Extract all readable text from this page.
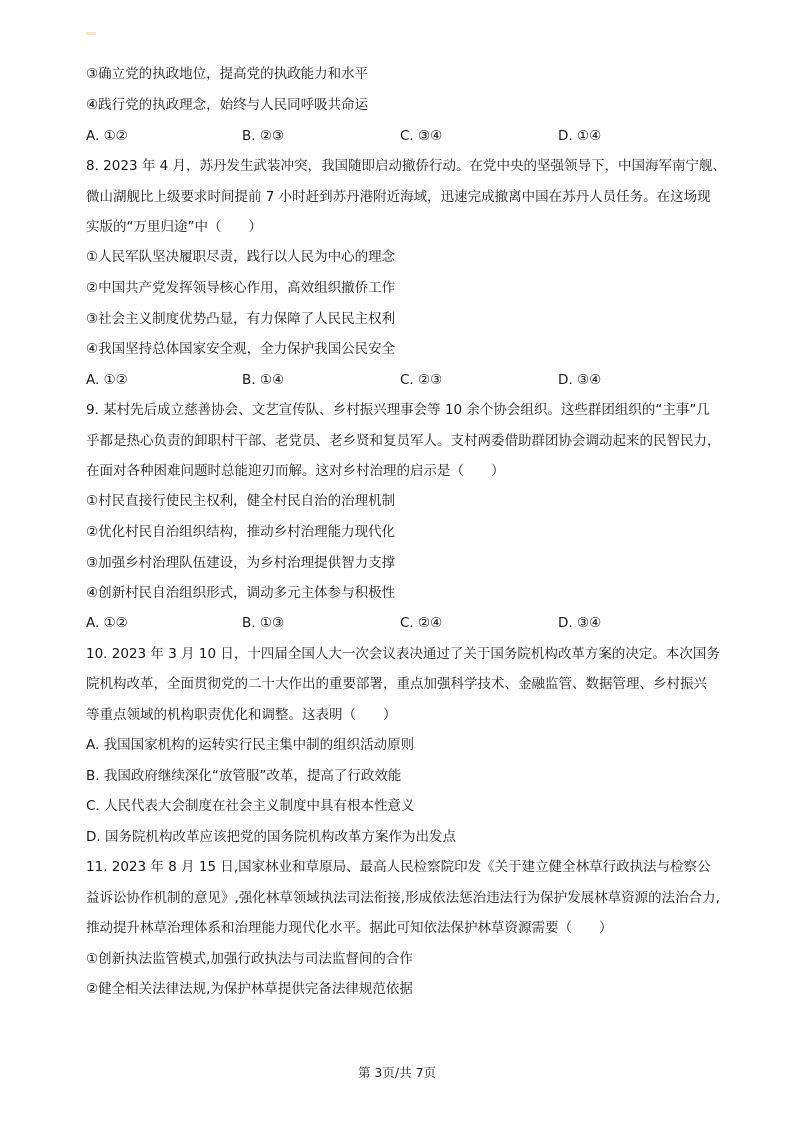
③确立党的执政地位，提高党的执政能力和水平
④践行党的执政理念，始终与人民同呼吸共命运
A. ①②	B. ②③	C. ③④	D. ①④
8. 2023 年 4 月，苏丹发生武装冲突，我国随即启动撤侨行动。在党中央的坚强领导下，中国海军南宁舰、
微山湖舰比上级要求时间提前 7 小时赶到苏丹港附近海域，迅速完成撤离中国在苏丹人员任务。在这场现
实版的“万里归途”中（　　）
①人民军队坚决履职尽责，践行以人民为中心的理念
②中国共产党发挥领导核心作用，高效组织撤侨工作
③社会主义制度优势凸显，有力保障了人民民主权利
④我国坚持总体国家安全观，全力保护我国公民安全
A. ①②	B. ①④	C. ②③	D. ③④
9. 某村先后成立慈善协会、文艺宣传队、乡村振兴理事会等 10 余个协会组织。这些群团组织的“主事”几
乎都是热心负责的卸职村干部、老党员、老乡贤和复员军人。支村两委借助群团协会调动起来的民智民力，
在面对各种困难问题时总能迎刃而解。这对乡村治理的启示是（　　）
①村民直接行使民主权利，健全村民自治的治理机制
②优化村民自治组织结构，推动乡村治理能力现代化
③加强乡村治理队伍建设，为乡村治理提供智力支撑
④创新村民自治组织形式，调动多元主体参与积极性
A. ①②	B. ①③	C. ②④	D. ③④
10. 2023 年 3 月 10 日，十四届全国人大一次会议表决通过了关于国务院机构改革方案的决定。本次国务
院机构改革，全面贯彻党的二十大作出的重要部署，重点加强科学技术、金融监管、数据管理、乡村振兴
等重点领域的机构职责优化和调整。这表明（　　）
A. 我国国家机构的运转实行民主集中制的组织活动原则
B. 我国政府继续深化“放管服”改革，提高了行政效能
C. 人民代表大会制度在社会主义制度中具有根本性意义
D. 国务院机构改革应该把党的国务院机构改革方案作为出发点
11. 2023 年 8 月 15 日,国家林业和草原局、最高人民检察院印发《关于建立健全林草行政执法与检察公
益诉讼协作机制的意见》,强化林草领域执法司法衔接,形成依法惩治违法行为保护发展林草资源的法治合力,
推动提升林草治理体系和治理能力现代化水平。据此可知依法保护林草资源需要（　　）
①创新执法监管模式,加强行政执法与司法监督间的合作
②健全相关法律法规,为保护林草提供完备法律规范依据
第 3页/共 7页
